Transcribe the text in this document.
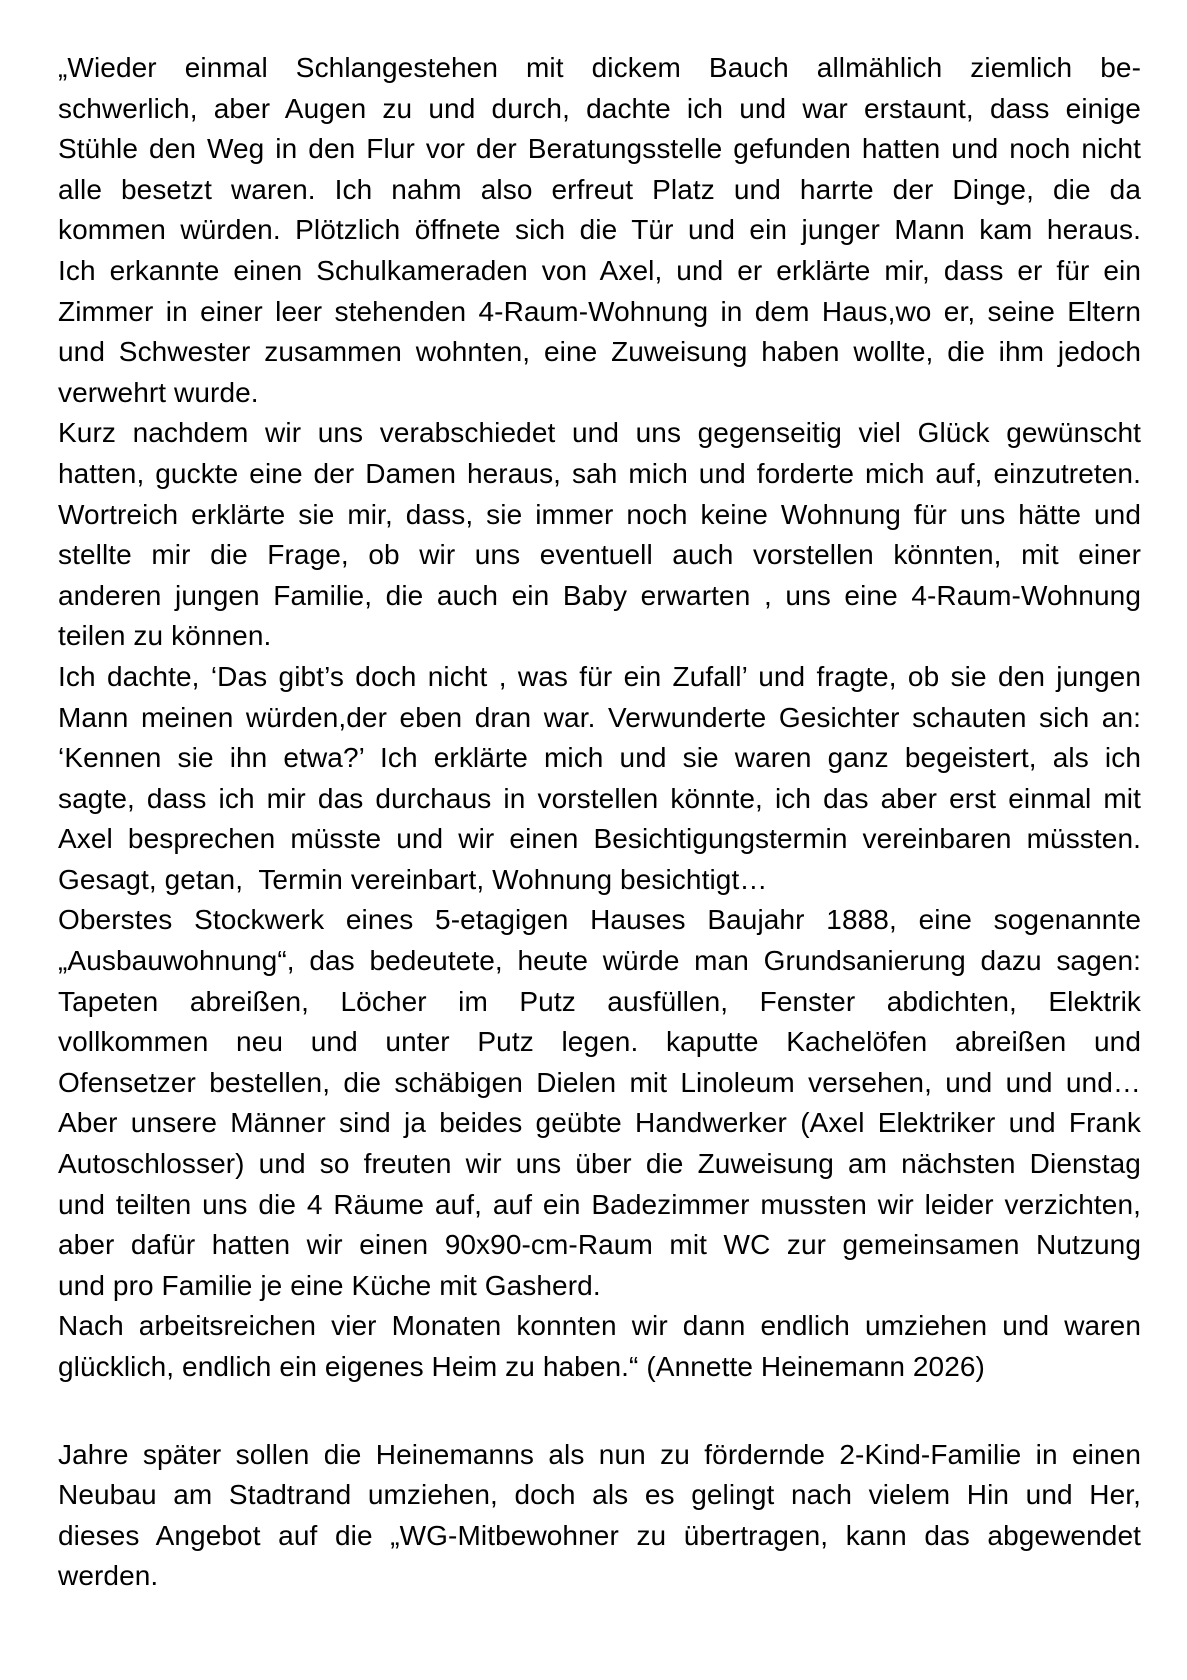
„Wieder einmal Schlangestehen mit dickem Bauch allmählich ziemlich be-
schwerlich, aber Augen zu und durch, dachte ich und war erstaunt, dass einige
Stühle den Weg in den Flur vor der Beratungsstelle gefunden hatten und noch nicht
alle besetzt waren. Ich nahm also erfreut Platz und harrte der Dinge, die da
kommen würden. Plötzlich öffnete sich die Tür und ein junger Mann kam heraus.
Ich erkannte einen Schulkameraden von Axel, und er erklärte mir, dass er für ein
Zimmer in einer leer stehenden 4-Raum-Wohnung in dem Haus,wo er, seine Eltern
und Schwester zusammen wohnten, eine Zuweisung haben wollte, die ihm jedoch
verwehrt wurde.
Kurz nachdem wir uns verabschiedet und uns gegenseitig viel Glück gewünscht
hatten, guckte eine der Damen heraus, sah mich und forderte mich auf, einzutreten.
Wortreich erklärte sie mir, dass, sie immer noch keine Wohnung für uns hätte und
stellte mir die Frage, ob wir uns eventuell auch vorstellen könnten, mit einer
anderen jungen Familie, die auch ein Baby erwarten , uns eine 4-Raum-Wohnung
teilen zu können.
Ich dachte, ‘Das gibt’s doch nicht , was für ein Zufall’ und fragte, ob sie den jungen
Mann meinen würden,der eben dran war. Verwunderte Gesichter schauten sich an:
‘Kennen sie ihn etwa?’ Ich erklärte mich und sie waren ganz begeistert, als ich
sagte, dass ich mir das durchaus in vorstellen könnte, ich das aber erst einmal mit
Axel besprechen müsste und wir einen Besichtigungstermin vereinbaren müssten.
Gesagt, getan,  Termin vereinbart, Wohnung besichtigt…
Oberstes Stockwerk eines 5-etagigen Hauses Baujahr 1888, eine sogenannte
„Ausbauwohnung“, das bedeutete, heute würde man Grundsanierung dazu sagen:
Tapeten abreißen, Löcher im Putz ausfüllen, Fenster abdichten, Elektrik
vollkommen neu und unter Putz legen. kaputte Kachelöfen abreißen und
Ofensetzer bestellen, die schäbigen Dielen mit Linoleum versehen, und und und…
Aber unsere Männer sind ja beides geübte Handwerker (Axel Elektriker und Frank
Autoschlosser) und so freuten wir uns über die Zuweisung am nächsten Dienstag
und teilten uns die 4 Räume auf, auf ein Badezimmer mussten wir leider verzichten,
aber dafür hatten wir einen 90x90-cm-Raum mit WC zur gemeinsamen Nutzung
und pro Familie je eine Küche mit Gasherd.
Nach arbeitsreichen vier Monaten konnten wir dann endlich umziehen und waren
glücklich, endlich ein eigenes Heim zu haben.“ (Annette Heinemann 2026)
Jahre später sollen die Heinemanns als nun zu fördernde 2-Kind-Familie in einen
Neubau am Stadtrand umziehen, doch als es gelingt nach vielem Hin und Her,
dieses Angebot auf die „WG-Mitbewohner zu übertragen, kann das abgewendet
werden.
